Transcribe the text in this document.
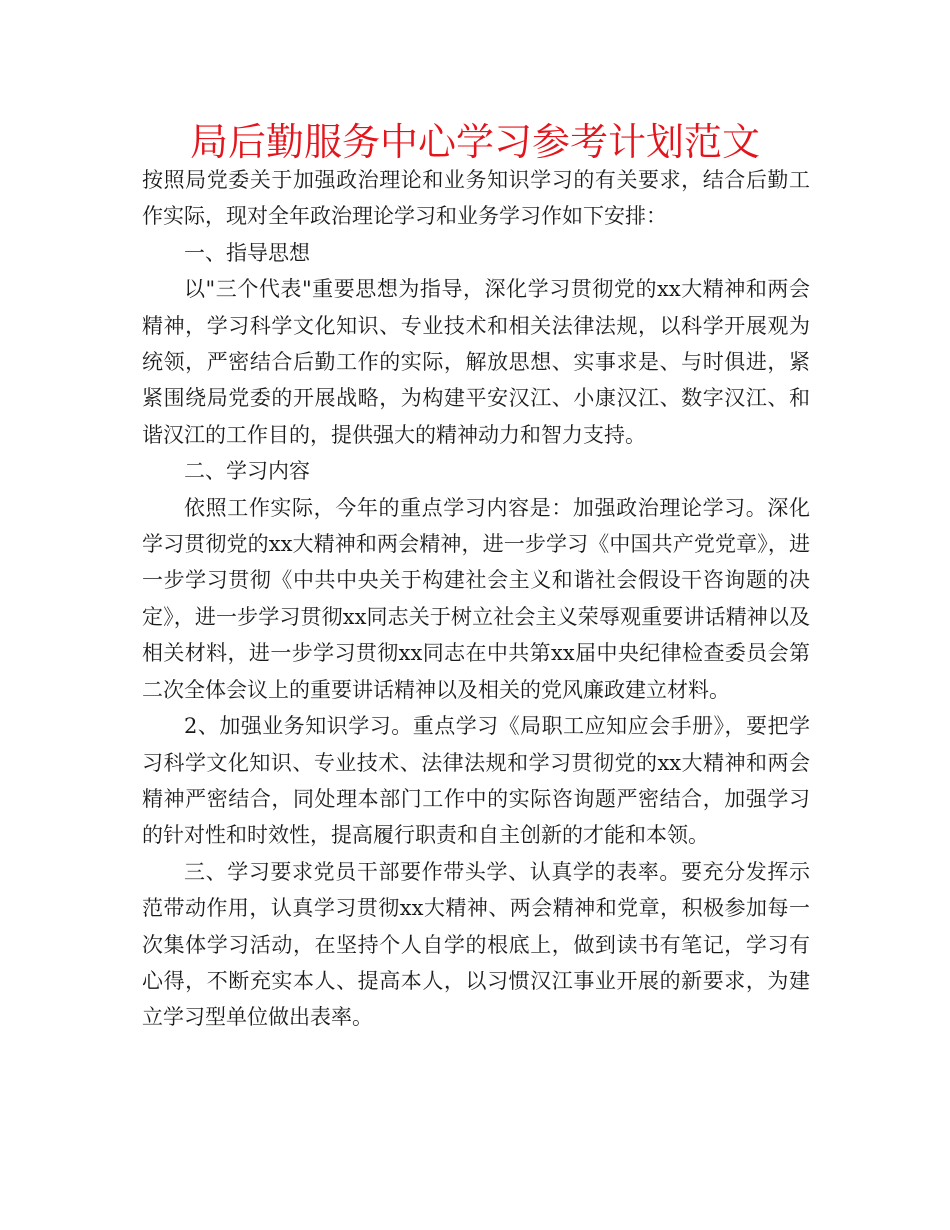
局后勤服务中心学习参考计划范文

按照局党委关于加强政治理论和业务知识学习的有关要求，结合后勤工作实际，现对全年政治理论学习和业务学习作如下安排：

一、指导思想

以"三个代表"重要思想为指导，深化学习贯彻党的xx大精神和两会精神，学习科学文化知识、专业技术和相关法律法规，以科学开展观为统领，严密结合后勤工作的实际，解放思想、实事求是、与时俱进，紧紧围绕局党委的开展战略，为构建平安汉江、小康汉江、数字汉江、和谐汉江的工作目的，提供强大的精神动力和智力支持。

二、学习内容

依照工作实际，今年的重点学习内容是：加强政治理论学习。深化学习贯彻党的xx大精神和两会精神，进一步学习《中国共产党党章》，进一步学习贯彻《中共中央关于构建社会主义和谐社会假设干咨询题的决定》，进一步学习贯彻xx同志关于树立社会主义荣辱观重要讲话精神以及相关材料，进一步学习贯彻xx同志在中共第xx届中央纪律检查委员会第二次全体会议上的重要讲话精神以及相关的党风廉政建立材料。

2、加强业务知识学习。重点学习《局职工应知应会手册》，要把学习科学文化知识、专业技术、法律法规和学习贯彻党的xx大精神和两会精神严密结合，同处理本部门工作中的实际咨询题严密结合，加强学习的针对性和时效性，提高履行职责和自主创新的才能和本领。

三、学习要求党员干部要作带头学、认真学的表率。要充分发挥示范带动作用，认真学习贯彻xx大精神、两会精神和党章，积极参加每一次集体学习活动，在坚持个人自学的根底上，做到读书有笔记，学习有心得，不断充实本人、提高本人，以习惯汉江事业开展的新要求，为建立学习型单位做出表率。
